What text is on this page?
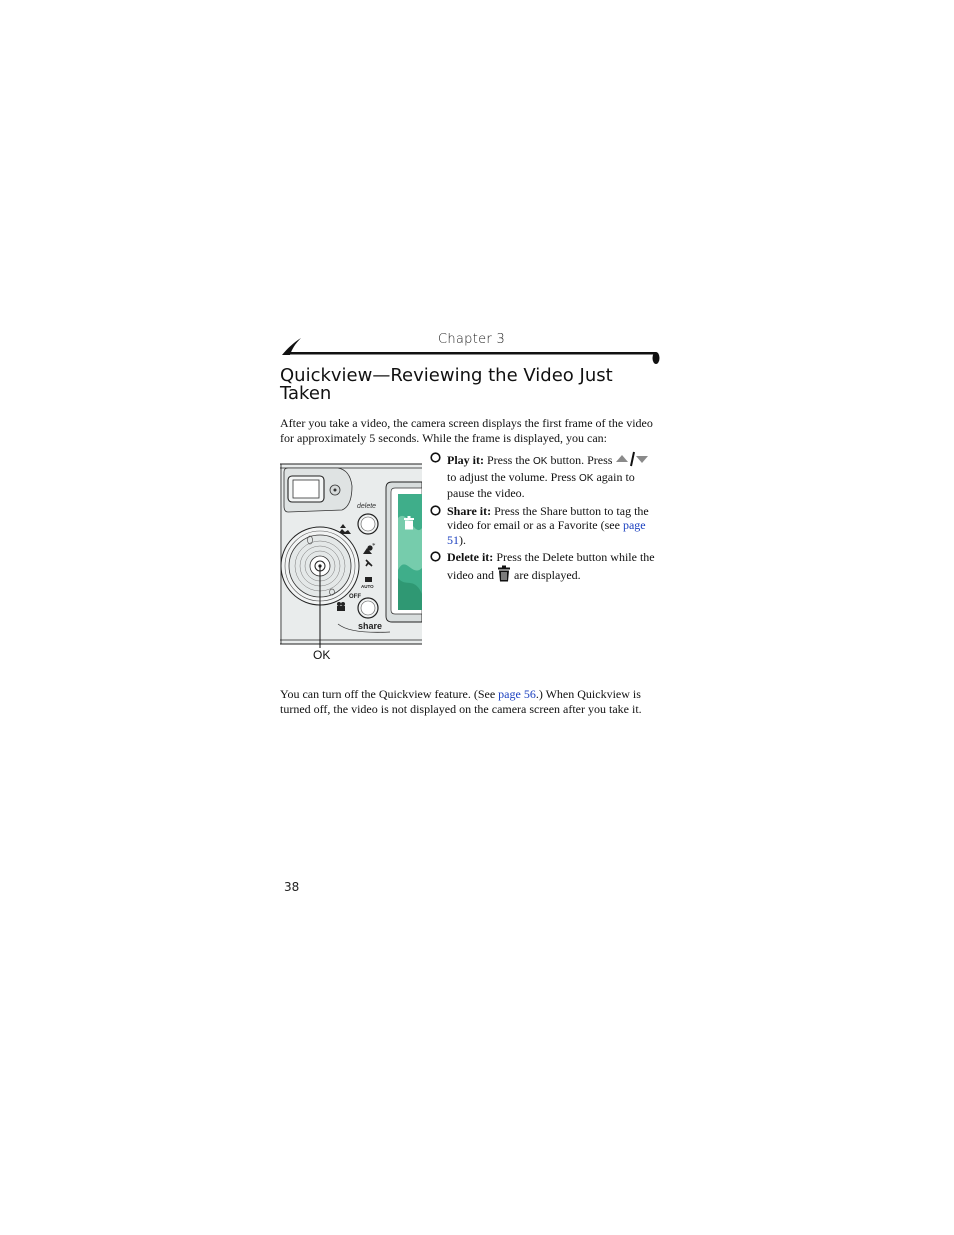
Chapter 3
Quickview—Reviewing the Video Just Taken
After you take a video, the camera screen displays the first frame of the video for approximately 5 seconds. While the frame is displayed, you can:
delete
*
AUTO
OFF
share
OK
Play it: Press the OK button. Press  to adjust the volume. Press OK again to pause the video.
Share it: Press the Share button to tag the video for email or as a Favorite (see page 51).
Delete it: Press the Delete button while the video and  are displayed.
You can turn off the Quickview feature. (See page 56.) When Quickview is turned off, the video is not displayed on the camera screen after you take it.
38
